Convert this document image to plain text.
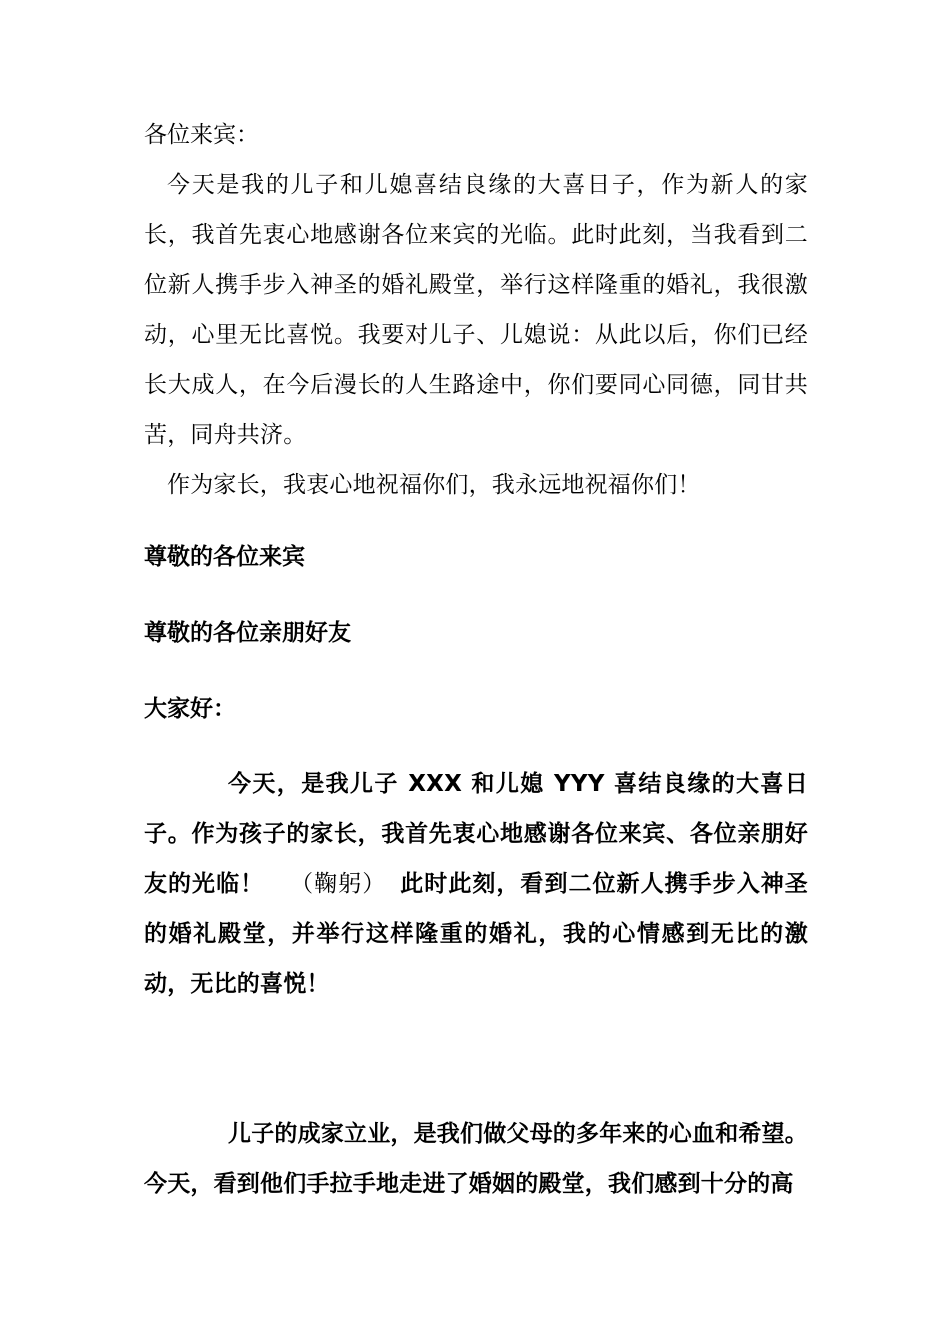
各位来宾：

今天是我的儿子和儿媳喜结良缘的大喜日子，作为新人的家长，我首先衷心地感谢各位来宾的光临。此时此刻，当我看到二位新人携手步入神圣的婚礼殿堂，举行这样隆重的婚礼，我很激动，心里无比喜悦。我要对儿子、儿媳说：从此以后，你们已经长大成人，在今后漫长的人生路途中，你们要同心同德，同甘共苦，同舟共济。

作为家长，我衷心地祝福你们，我永远地祝福你们！

尊敬的各位来宾

尊敬的各位亲朋好友

大家好：

今天，是我儿子 XXX 和儿媳 YYY 喜结良缘的大喜日子。作为孩子的家长，我首先衷心地感谢各位来宾、各位亲朋好友的光临！ （鞠躬） 此时此刻，看到二位新人携手步入神圣的婚礼殿堂，并举行这样隆重的婚礼，我的心情感到无比的激动，无比的喜悦！

儿子的成家立业，是我们做父母的多年来的心血和希望。今天，看到他们手拉手地走进了婚姻的殿堂，我们感到十分的高
